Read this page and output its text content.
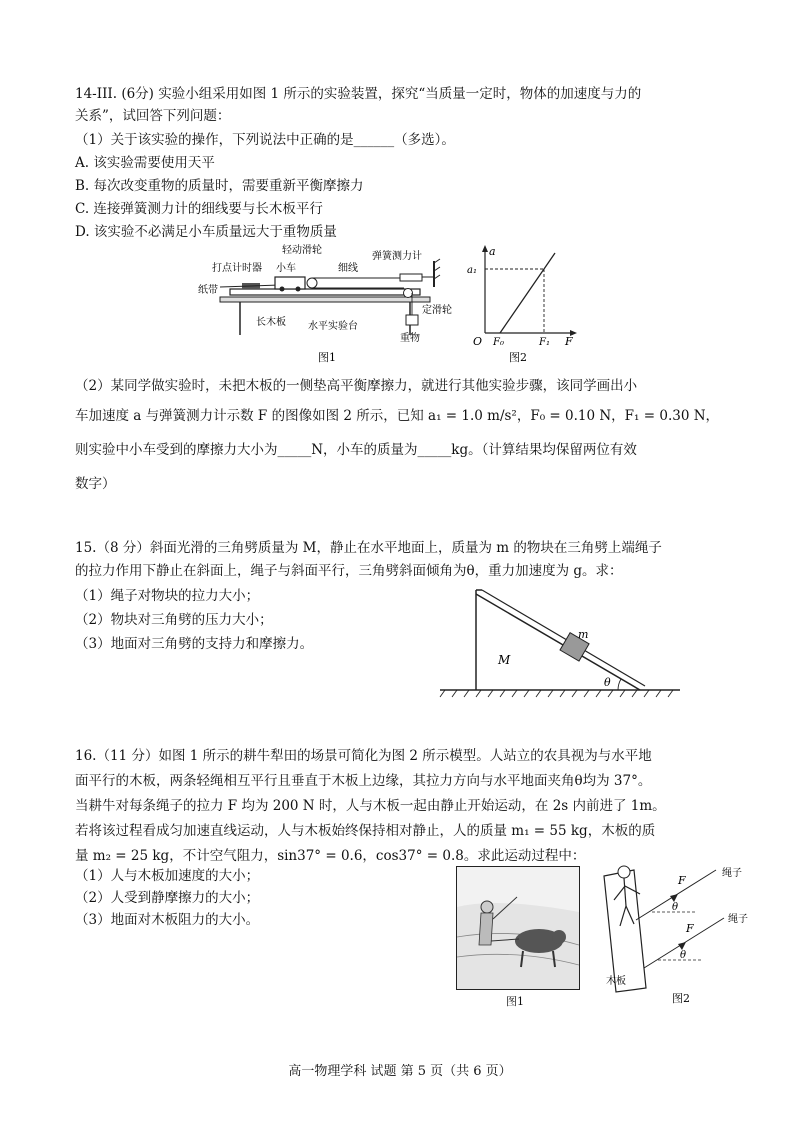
14-III. (6分) 实验小组采用如图 1 所示的实验装置，探究“当质量一定时，物体的加速度与力的
关系”，试回答下列问题：
（1）关于该实验的操作，下列说法中正确的是______（多选）。
A. 该实验需要使用天平
B. 每次改变重物的质量时，需要重新平衡摩擦力
C. 连接弹簧测力计的细线要与长木板平行
D. 该实验不必满足小车质量远大于重物质量
轻动滑轮
打点计时器 小车	细线
弹簧测力计
纸带
定滑轮
长木板 水平实验台
重物
图1
a
a₁
O F₀	F₁ F
图2
（2）某同学做实验时，未把木板的一侧垫高平衡摩擦力，就进行其他实验步骤，该同学画出小
车加速度 a 与弹簧测力计示数 F 的图像如图 2 所示，已知 a₁ = 1.0 m/s²，F₀ = 0.10 N，F₁ = 0.30 N，
则实验中小车受到的摩擦力大小为_____N，小车的质量为_____kg。（计算结果均保留两位有效
数字）
15.（8 分）斜面光滑的三角劈质量为 M，静止在水平地面上，质量为 m 的物块在三角劈上端绳子
的拉力作用下静止在斜面上，绳子与斜面平行，三角劈斜面倾角为θ，重力加速度为 g。求：
（1）绳子对物块的拉力大小；
（2）物块对三角劈的压力大小；
（3）地面对三角劈的支持力和摩擦力。
M
m
θ
16.（11 分）如图 1 所示的耕牛犁田的场景可简化为图 2 所示模型。人站立的农具视为与水平地
面平行的木板，两条轻绳相互平行且垂直于木板上边缘，其拉力方向与水平地面夹角θ均为 37°。
当耕牛对每条绳子的拉力 F 均为 200 N 时，人与木板一起由静止开始运动，在 2s 内前进了 1m。
若将该过程看成匀加速直线运动，人与木板始终保持相对静止，人的质量 m₁ = 55 kg，木板的质
量 m₂ = 25 kg，不计空气阻力，sin37° = 0.6，cos37° = 0.8。求此运动过程中：
（1）人与木板加速度的大小；
（2）人受到静摩擦力的大小；
（3）地面对木板阻力的大小。
图1
F
F
θ
θ
绳子
绳子
木板
图2
高一物理学科 试题 第 5 页（共 6 页）
